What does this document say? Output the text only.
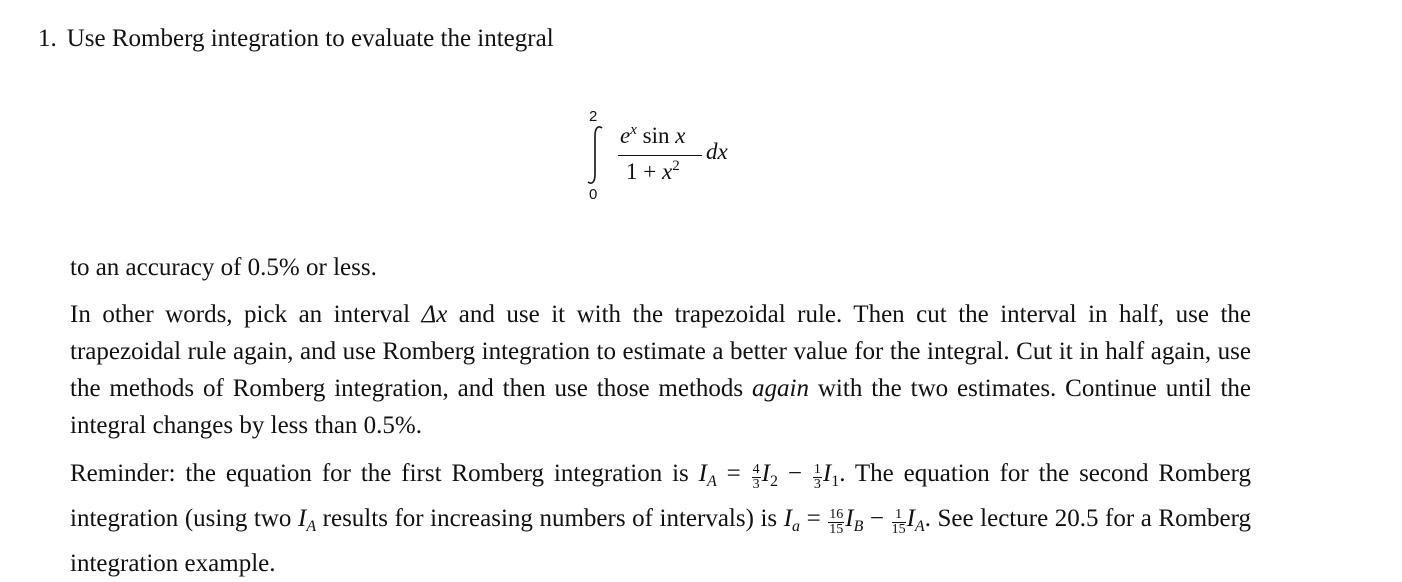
1. Use Romberg integration to evaluate the integral
2
0
$e^x$ sin x
$1 + x^2$
dx
to an accuracy of 0.5% or less.
In other words, pick an interval Δx and use it with the trapezoidal rule. Then cut the interval in half, use the trapezoidal rule again, and use Romberg integration to estimate a better value for the integral. Cut it in half again, use the methods of Romberg integration, and then use those methods again with the two estimates. Continue until the integral changes by less than 0.5%.
Reminder: the equation for the first Romberg integration is $I_A = \frac{4}{3} I_2 - \frac{1}{3} I_1$. The equation for the second Romberg integration (using two $I_A$ results for increasing numbers of intervals) is $I_a = \frac{16}{15} I_B - \frac{1}{15} I_A$. See lecture 20.5 for a Romberg integration example.
